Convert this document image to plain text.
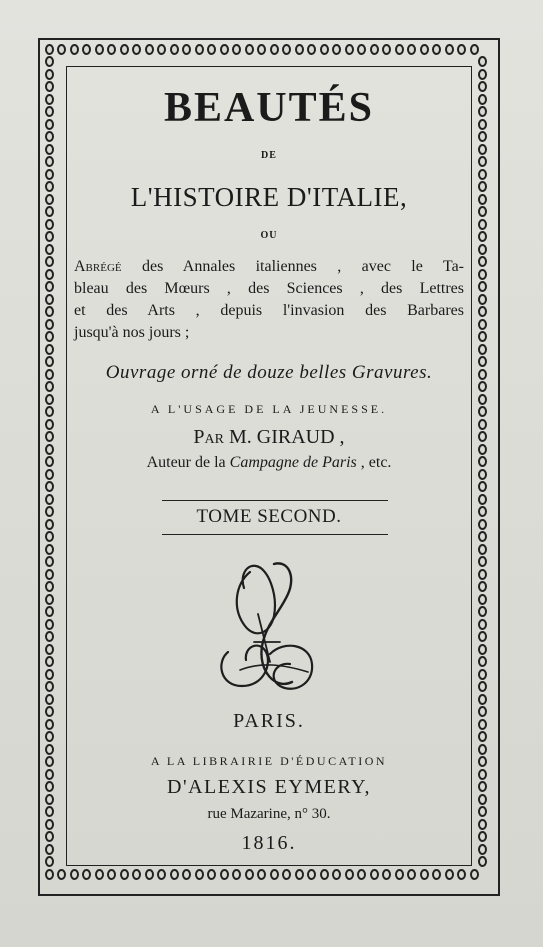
BEAUTÉS
DE
L'HISTOIRE D'ITALIE,
OU

Abrégé des Annales italiennes , avec le Ta-

bleau des Mœurs , des Sciences , des Lettres

et des Arts , depuis l'invasion des Barbares

jusqu'à nos jours ;

Ouvrage orné de douze belles Gravures.
A L'USAGE DE LA JEUNESSE.
Par M. GIRAUD ,
Auteur de la Campagne de Paris , etc.
TOME SECOND.
PARIS.
A LA LIBRAIRIE D'ÉDUCATION
D'ALEXIS EYMERY,
rue Mazarine, n° 30.
1816.
